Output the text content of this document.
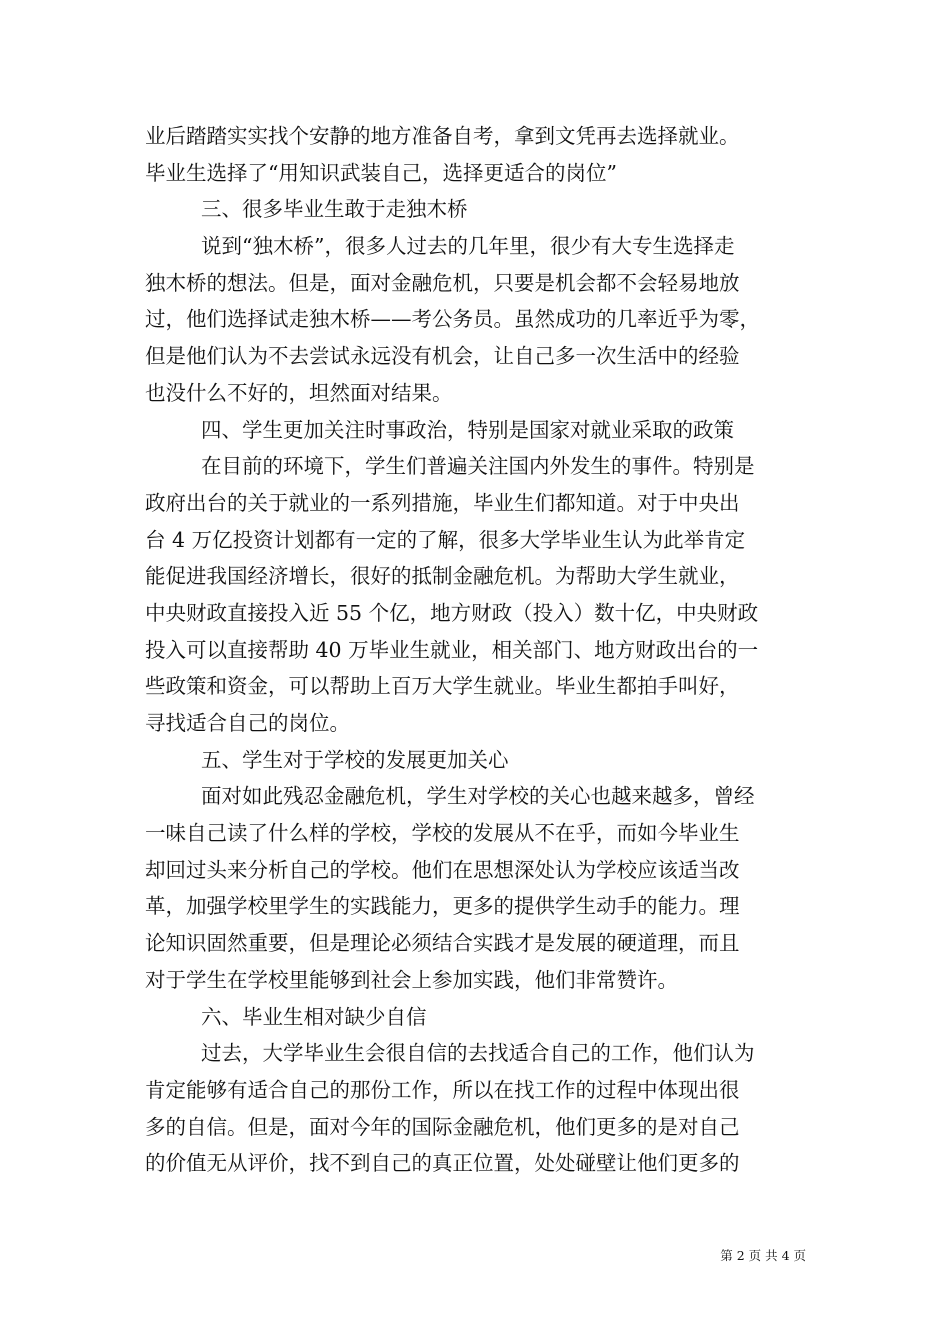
业后踏踏实实找个安静的地方准备自考，拿到文凭再去选择就业。
毕业生选择了“用知识武装自己，选择更适合的岗位”
三、很多毕业生敢于走独木桥
说到“独木桥”，很多人过去的几年里，很少有大专生选择走
独木桥的想法。但是，面对金融危机，只要是机会都不会轻易地放
过，他们选择试走独木桥——考公务员。虽然成功的几率近乎为零，
但是他们认为不去尝试永远没有机会，让自己多一次生活中的经验
也没什么不好的，坦然面对结果。
四、学生更加关注时事政治，特别是国家对就业采取的政策
在目前的环境下，学生们普遍关注国内外发生的事件。特别是
政府出台的关于就业的一系列措施，毕业生们都知道。对于中央出
台 4 万亿投资计划都有一定的了解，很多大学毕业生认为此举肯定
能促进我国经济增长，很好的抵制金融危机。为帮助大学生就业，
中央财政直接投入近 55 个亿，地方财政（投入）数十亿，中央财政
投入可以直接帮助 40 万毕业生就业，相关部门、地方财政出台的一
些政策和资金，可以帮助上百万大学生就业。毕业生都拍手叫好，
寻找适合自己的岗位。
五、学生对于学校的发展更加关心
面对如此残忍金融危机，学生对学校的关心也越来越多，曾经
一味自己读了什么样的学校，学校的发展从不在乎，而如今毕业生
却回过头来分析自己的学校。他们在思想深处认为学校应该适当改
革，加强学校里学生的实践能力，更多的提供学生动手的能力。理
论知识固然重要，但是理论必须结合实践才是发展的硬道理，而且
对于学生在学校里能够到社会上参加实践，他们非常赞许。
六、毕业生相对缺少自信
过去，大学毕业生会很自信的去找适合自己的工作，他们认为
肯定能够有适合自己的那份工作，所以在找工作的过程中体现出很
多的自信。但是，面对今年的国际金融危机，他们更多的是对自己
的价值无从评价，找不到自己的真正位置，处处碰壁让他们更多的
第 2 页 共 4 页
